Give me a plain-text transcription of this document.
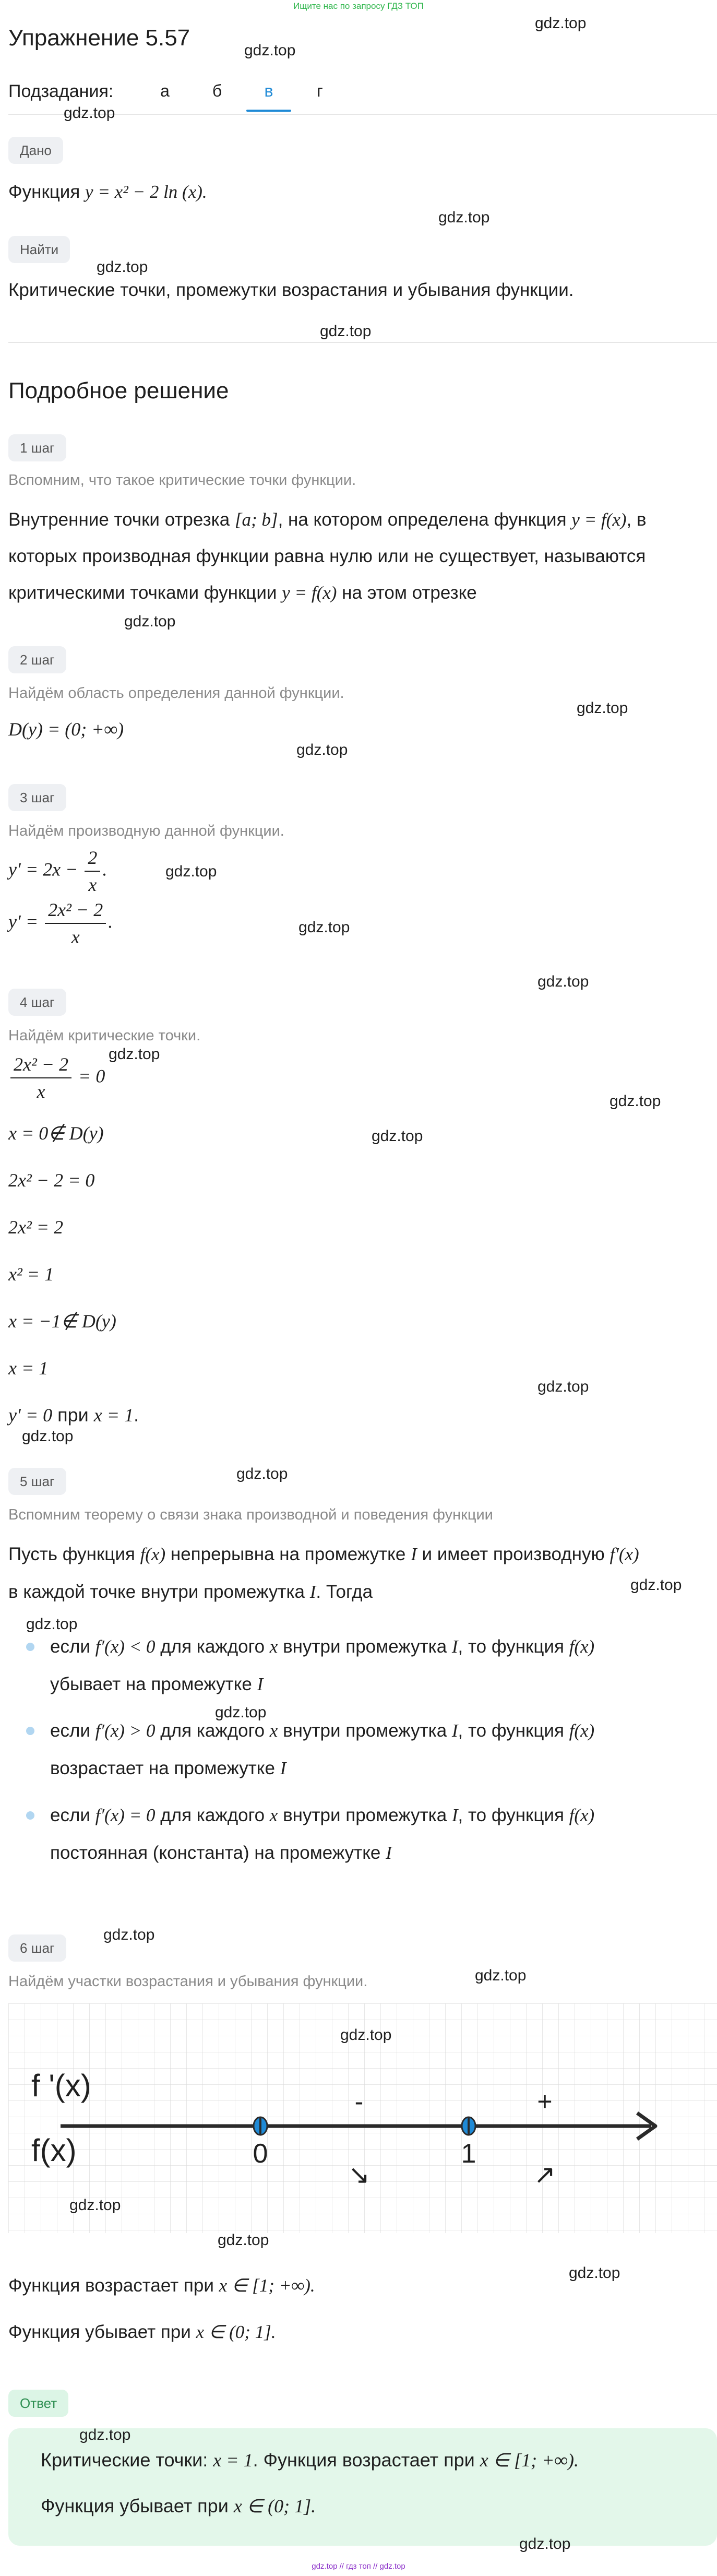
Ищите нас по запросу ГДЗ ТОП
Упражнение 5.57
Подзадания:	а	б	в	г
Дано
Функция y = x² − 2 ln (x).
Найти
Критические точки, промежутки возрастания и убывания функции.
Подробное решение
1 шаг
Вспомним, что такое критические точки функции.
Внутренние точки отрезка [a; b], на котором определена функция y = f(x), в
которых производная функции равна нулю или не существует, называются
критическими точками функции y = f(x) на этом отрезке
2 шаг
Найдём область определения данной функции.
D(y) = (0; +∞)
3 шаг
Найдём производную данной функции.
$y' = 2x - \frac{2}{x}$ .
$y' = \frac{\text{2x² − 2}}{x}$ .
4 шаг
Найдём критические точки.
$\frac{\text{2x² − 2}}{x} = 0$
x = 0∉ D(y)
2x² − 2 = 0
2x² = 2
x² = 1
x = −1∉ D(y)
x = 1
y′ = 0 при x = 1.
5 шаг
Вспомним теорему о связи знака производной и поведения функции
Пусть функция f(x) непрерывна на промежутке I и имеет производную f′(x)
в каждой точке внутри промежутка I. Тогда
если f′(x) < 0 для каждого x внутри промежутка I, то функция f(x)
убывает на промежутке I
если f′(x) > 0 для каждого x внутри промежутка I, то функция f(x)
возрастает на промежутке I
если f′(x) = 0 для каждого x внутри промежутка I, то функция f(x)
постоянная (константа) на промежутке I
6 шаг
Найдём участки возрастания и убывания функции.
f '(x)
f(x)	0	1
-	+
↘	↗
Функция возрастает при x ∈ [1; +∞).
Функция убывает при x ∈ (0; 1].
Ответ
Критические точки: x = 1. Функция возрастает при x ∈ [1; +∞).
Функция убывает при x ∈ (0; 1].
gdz.top
gdz.top
gdz.top
gdz.top
gdz.top
gdz.top
gdz.top
gdz.top
gdz.top
gdz.top
gdz.top
gdz.top
gdz.top
gdz.top
gdz.top
gdz.top
gdz.top
gdz.top
gdz.top
gdz.top
gdz.top
gdz.top
gdz.top
gdz.top
gdz.top
gdz.top
gdz.top
gdz.top
gdz.top
gdz.top // гдз топ // gdz.top
